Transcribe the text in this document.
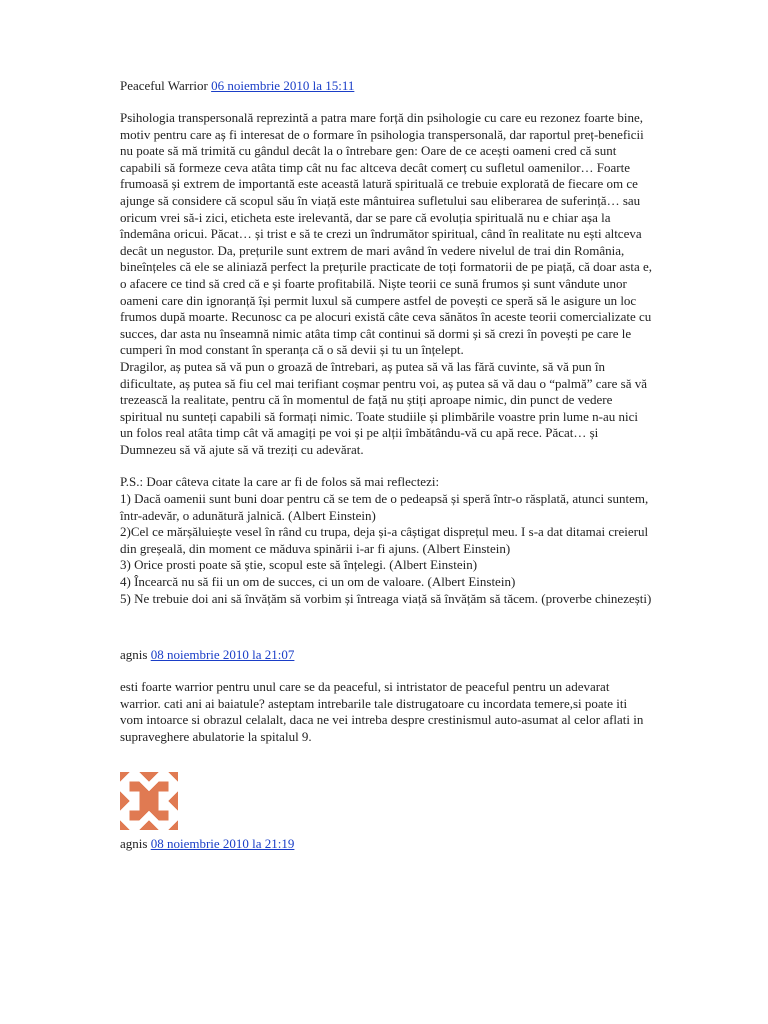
Peaceful Warrior 06 noiembrie 2010 la 15:11

Psihologia transpersonală reprezintă a patra mare forță din psihologie cu care eu rezonez foarte bine, motiv pentru care aș fi interesat de o formare în psihologia transpersonală, dar raportul preț-beneficii nu poate să mă trimită cu gândul decât la o întrebare gen: Oare de ce acești oameni cred că sunt capabili să formeze ceva atâta timp cât nu fac altceva decât comerț cu sufletul oamenilor… Foarte frumoasă și extrem de importantă este această latură spirituală ce trebuie explorată de fiecare om ce ajunge să considere că scopul său în viață este mântuirea sufletului sau eliberarea de suferință… sau oricum vrei să-i zici, eticheta este irelevantă, dar se pare că evoluția spirituală nu e chiar așa la îndemâna oricui. Păcat… și trist e să te crezi un îndrumător spiritual, când în realitate nu ești altceva decât un negustor. Da, prețurile sunt extrem de mari având în vedere nivelul de trai din România, bineînțeles că ele se aliniază perfect la prețurile practicate de toți formatorii de pe piață, că doar asta e, o afacere ce tind să cred că e și foarte profitabilă. Niște teorii ce sună frumos și sunt vândute unor oameni care din ignoranță își permit luxul să cumpere astfel de povești ce speră să le asigure un loc frumos după moarte. Recunosc ca pe alocuri există câte ceva sănătos în aceste teorii comercializate cu succes, dar asta nu înseamnă nimic atâta timp cât continui să dormi și să crezi în povești pe care le cumperi în mod constant în speranța că o să devii și tu un înțelept.

Dragilor, aș putea să vă pun o groază de întrebari, aș putea să vă las fără cuvinte, să vă pun în dificultate, aș putea să fiu cel mai terifiant coșmar pentru voi, aș putea să vă dau o “palmă” care să vă trezească la realitate, pentru că în momentul de față nu știți aproape nimic, din punct de vedere spiritual nu sunteți capabili să formați nimic. Toate studiile și plimbările voastre prin lume n-au nici un folos real atâta timp cât vă amagiți pe voi și pe alții îmbătându-vă cu apă rece. Păcat… și Dumnezeu să vă ajute să vă treziți cu adevărat.

P.S.: Doar câteva citate la care ar fi de folos să mai reflectezi:

1) Dacă oamenii sunt buni doar pentru că se tem de o pedeapsă și speră într-o răsplată, atunci suntem, într-adevăr, o adunătură jalnică. (Albert Einstein)

2)Cel ce mărșăluiește vesel în rând cu trupa, deja și-a câștigat disprețul meu. I s-a dat ditamai creierul din greșeală, din moment ce măduva spinării i-ar fi ajuns. (Albert Einstein)

3) Orice prosti poate să știe, scopul este să înțelegi. (Albert Einstein)

4) Încearcă nu să fii un om de succes, ci un om de valoare. (Albert Einstein)

5) Ne trebuie doi ani să învățăm să vorbim și întreaga viață să învățăm să tăcem. (proverbe chinezești)

agnis 08 noiembrie 2010 la 21:07

esti foarte warrior pentru unul care se da peaceful, si intristator de peaceful pentru un adevarat warrior. cati ani ai baiatule? asteptam intrebarile tale distrugatoare cu incordata temere,si poate iti vom intoarce si obrazul celalalt, daca ne vei intreba despre crestinismul auto-asumat al celor aflati in supraveghere abulatorie la spitalul 9.

agnis 08 noiembrie 2010 la 21:19
